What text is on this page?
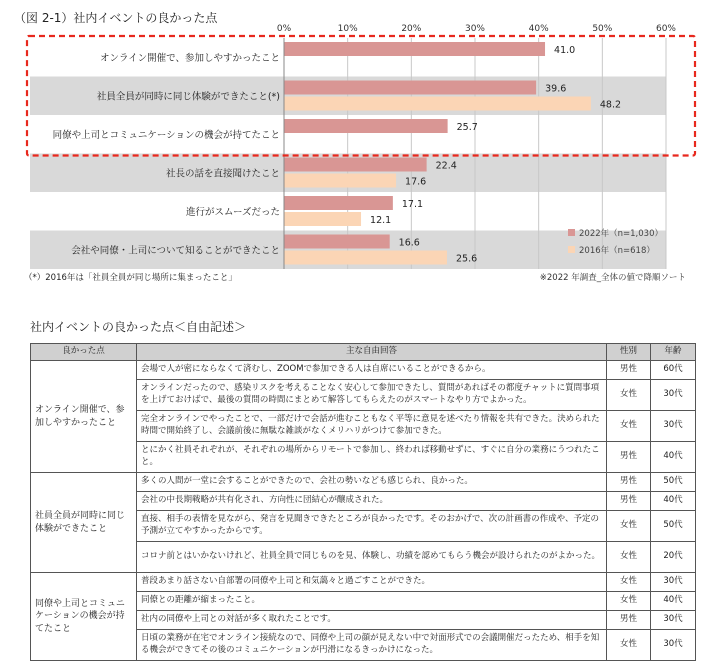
（図 2-1）社内イベントの良かった点
0%	10%	20%	30%	40%	50%	60%
オンライン開催で、参加しやすかったこと
社員全員が同時に同じ体験ができたこと(*)
同僚や上司とコミュニケーションの機会が持てたこと
社長の話を直接聞けたこと
進行がスムーズだった
会社や同僚・上司について知ることができたこと
41.0
39.6
25.7
22.4
17.1
16.6
48.2
17.6
12.1
25.6
2022年（n=1,030）
2016年（n=618）
（*）2016年は「社員全員が同じ場所に集まったこと」	※2022 年調査_全体の値で降順ソート
社内イベントの良かった点＜自由記述＞
良かった点	主な自由回答	性別	年齢
オンライン開催で、参加しやすかったこと	会場で人が密にならなくて済むし、ZOOMで参加できる人は自席にいることができるから。	男性	60代
	オンラインだったので、感染リスクを考えることなく安心して参加できたし、質問があればその都度チャットに質問事項を上げておけばで、最後の質問の時間にまとめて解答してもらえたのがスマートなやり方でよかった。	女性	30代
	完全オンラインでやったことで、一部だけで会話が進むこともなく平等に意見を述べたり情報を共有できた。決められた時間で開始終了し、会議前後に無駄な雑談がなくメリハリがつけて参加できた。	女性	30代
	とにかく社員それぞれが、それぞれの場所からリモートで参加し、終われば移動せずに、すぐに自分の業務にうつれたこと。	男性	40代
社員全員が同時に同じ体験ができたこと	多くの人間が一堂に会することができたので、会社の勢いなども感じられ、良かった。	男性	50代
	会社の中長期戦略が共有化され、方向性に団結心が醸成された。	男性	40代
	直接、相手の表情を見ながら、発言を見聞きできたところが良かったです。そのおかげで、次の計画書の作成や、予定の予測が立てやすかったからです。	女性	50代
	コロナ前とはいかないけれど、社員全員で同じものを見、体験し、功績を認めてもらう機会が設けられたのがよかった。	女性	20代
同僚や上司とコミュニケーションの機会が持てたこと	普段あまり話さない自部署の同僚や上司と和気藹々と過ごすことができた。	女性	30代
	同僚との距離が縮まったこと。	女性	40代
	社内の同僚や上司との対話が多く取れたことです。	男性	30代
	日頃の業務が在宅でオンライン接続なので、同僚や上司の顔が見えない中で対面形式での会議開催だったため、相手を知る機会ができてその後のコミュニケーションが円滑になるきっかけになった。	女性	30代
